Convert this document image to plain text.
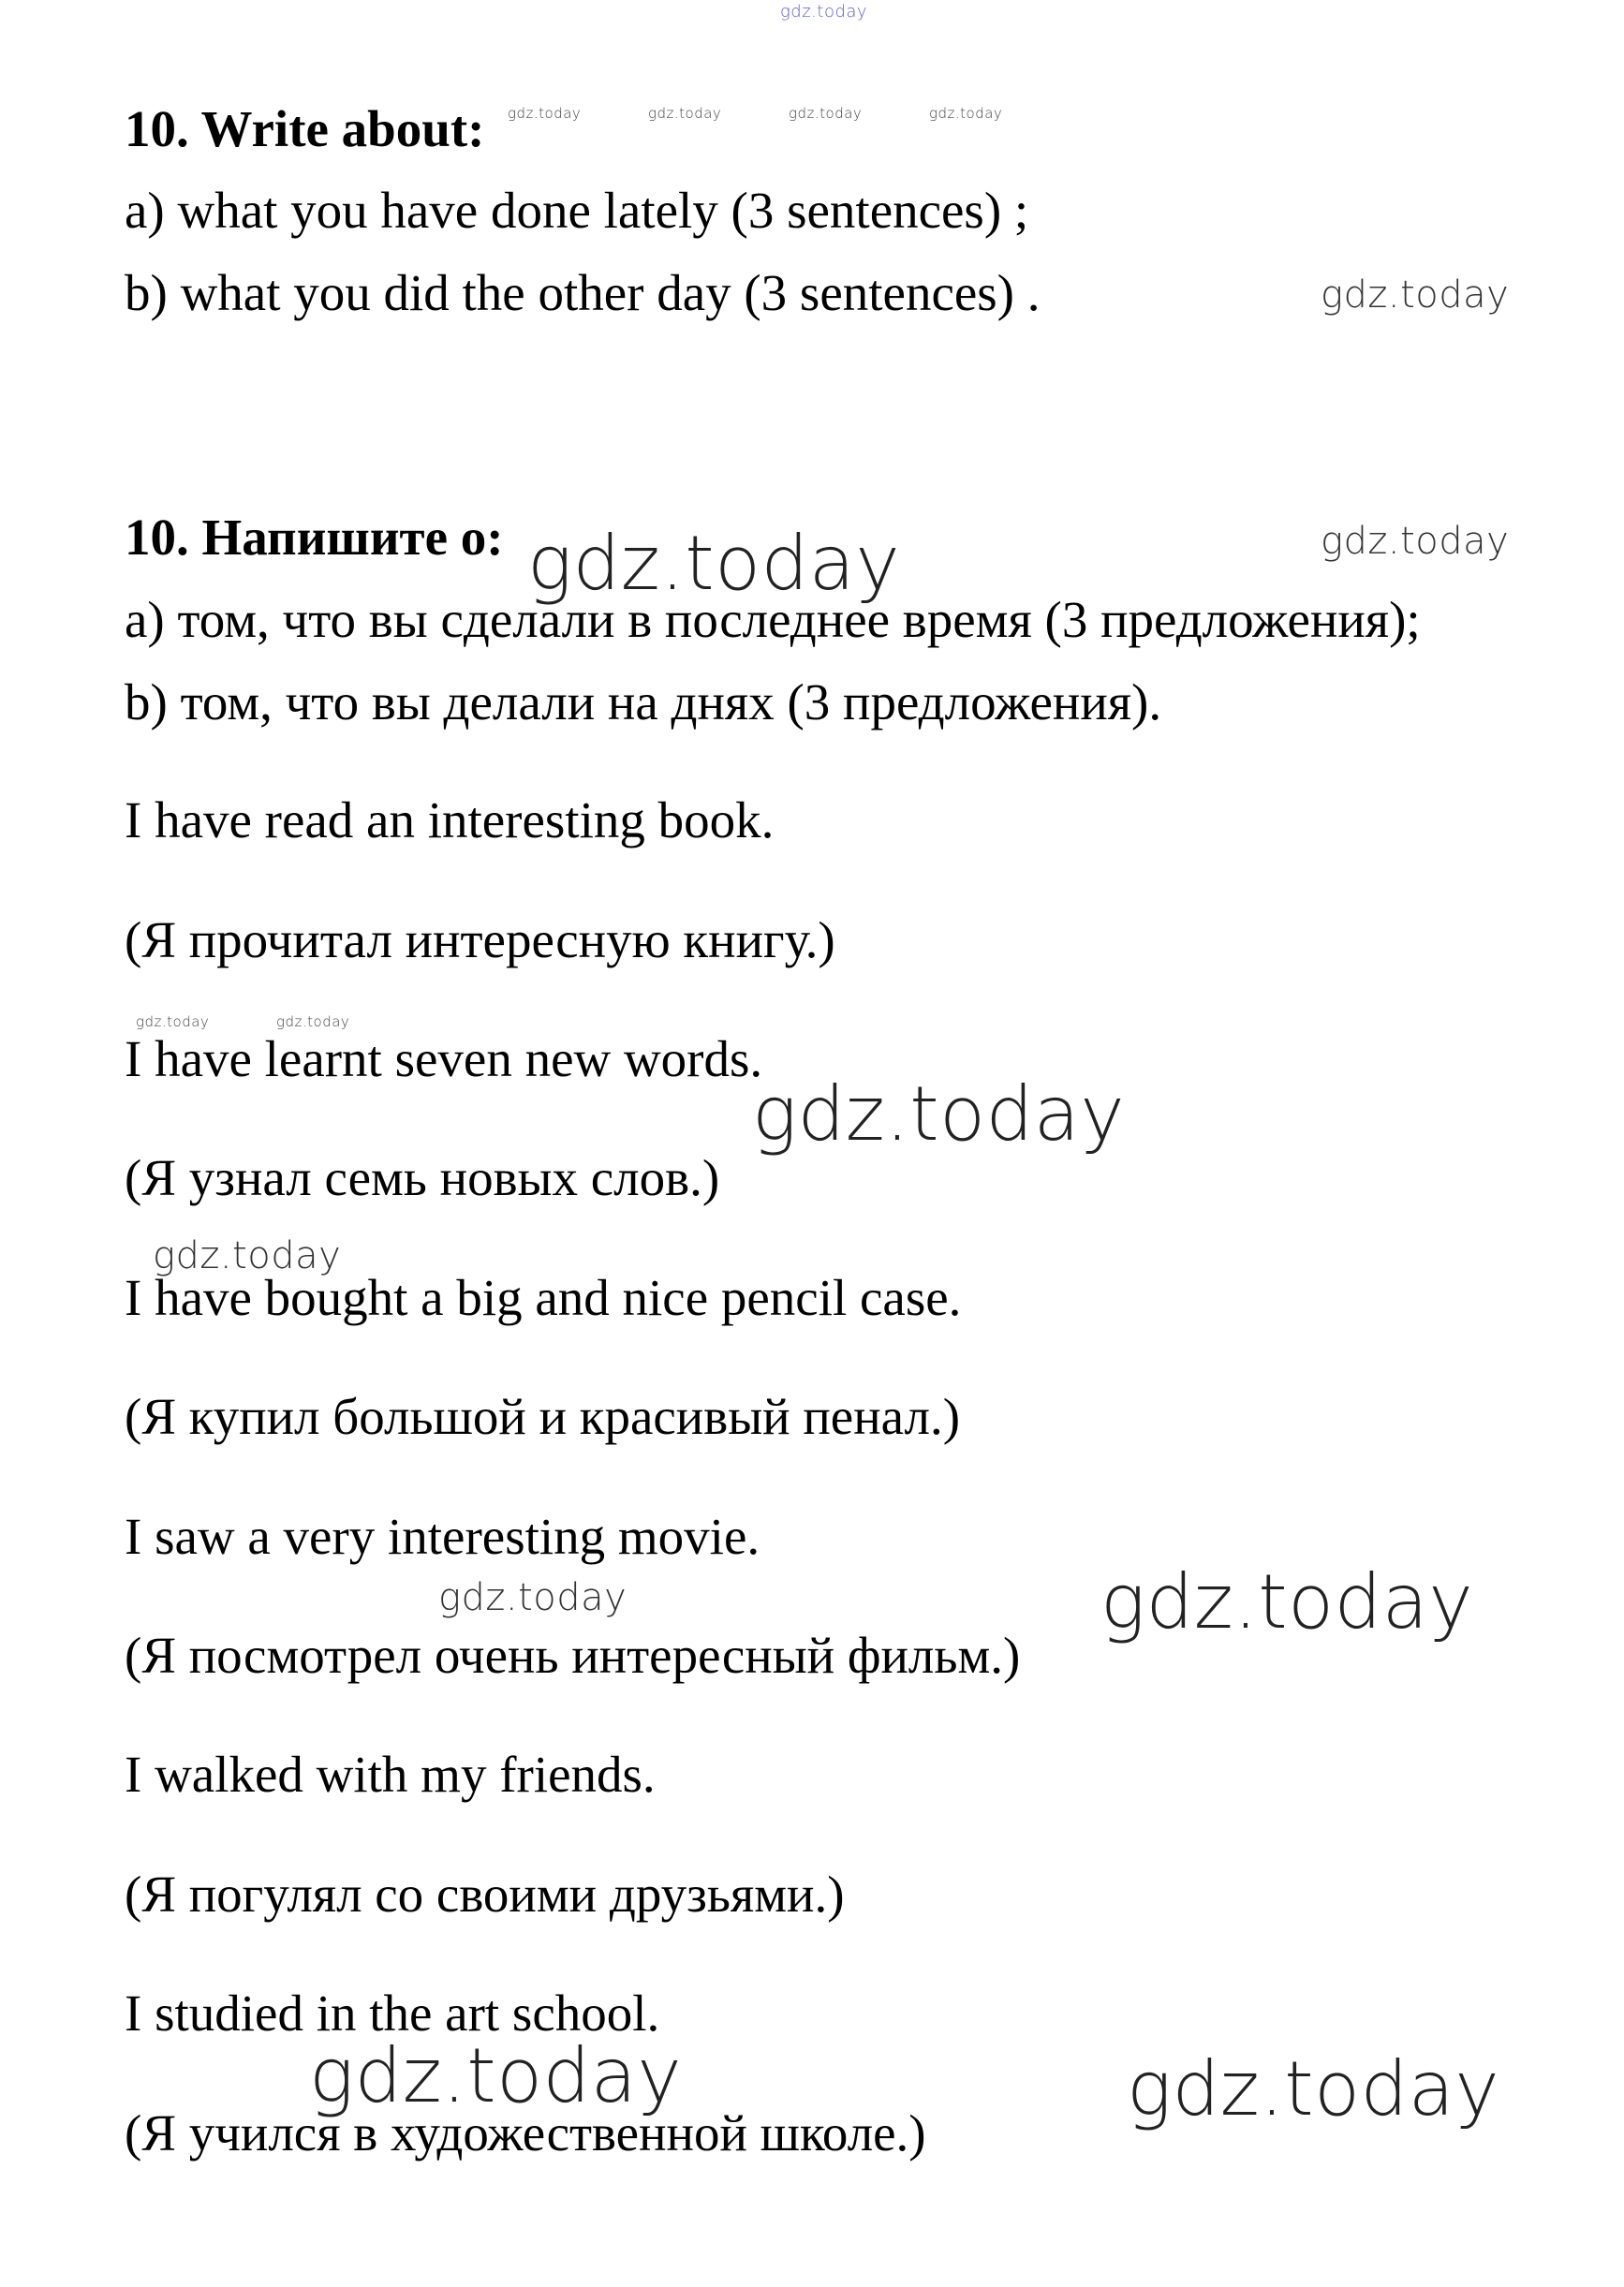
gdz.today
gdz.today	gdz.today	gdz.today	gdz.today
gdz.today
gdz.today
gdz.today
gdz.today	gdz.today
gdz.today
gdz.today
gdz.today	gdz.today
gdz.today	gdz.today
10. Write about:
a) what you have done lately (3 sentences) ;
b) what you did the other day (3 sentences) .
10. Напишите о:
a) том, что вы сделали в последнее время (3 предложения);
b) том, что вы делали на днях (3 предложения).
I have read an interesting book.
(Я прочитал интересную книгу.)
I have learnt seven new words.
(Я узнал семь новых слов.)
I have bought a big and nice pencil case.
(Я купил большой и красивый пенал.)
I saw a very interesting movie.
(Я посмотрел очень интересный фильм.)
I walked with my friends.
(Я погулял со своими друзьями.)
I studied in the art school.
(Я учился в художественной школе.)
